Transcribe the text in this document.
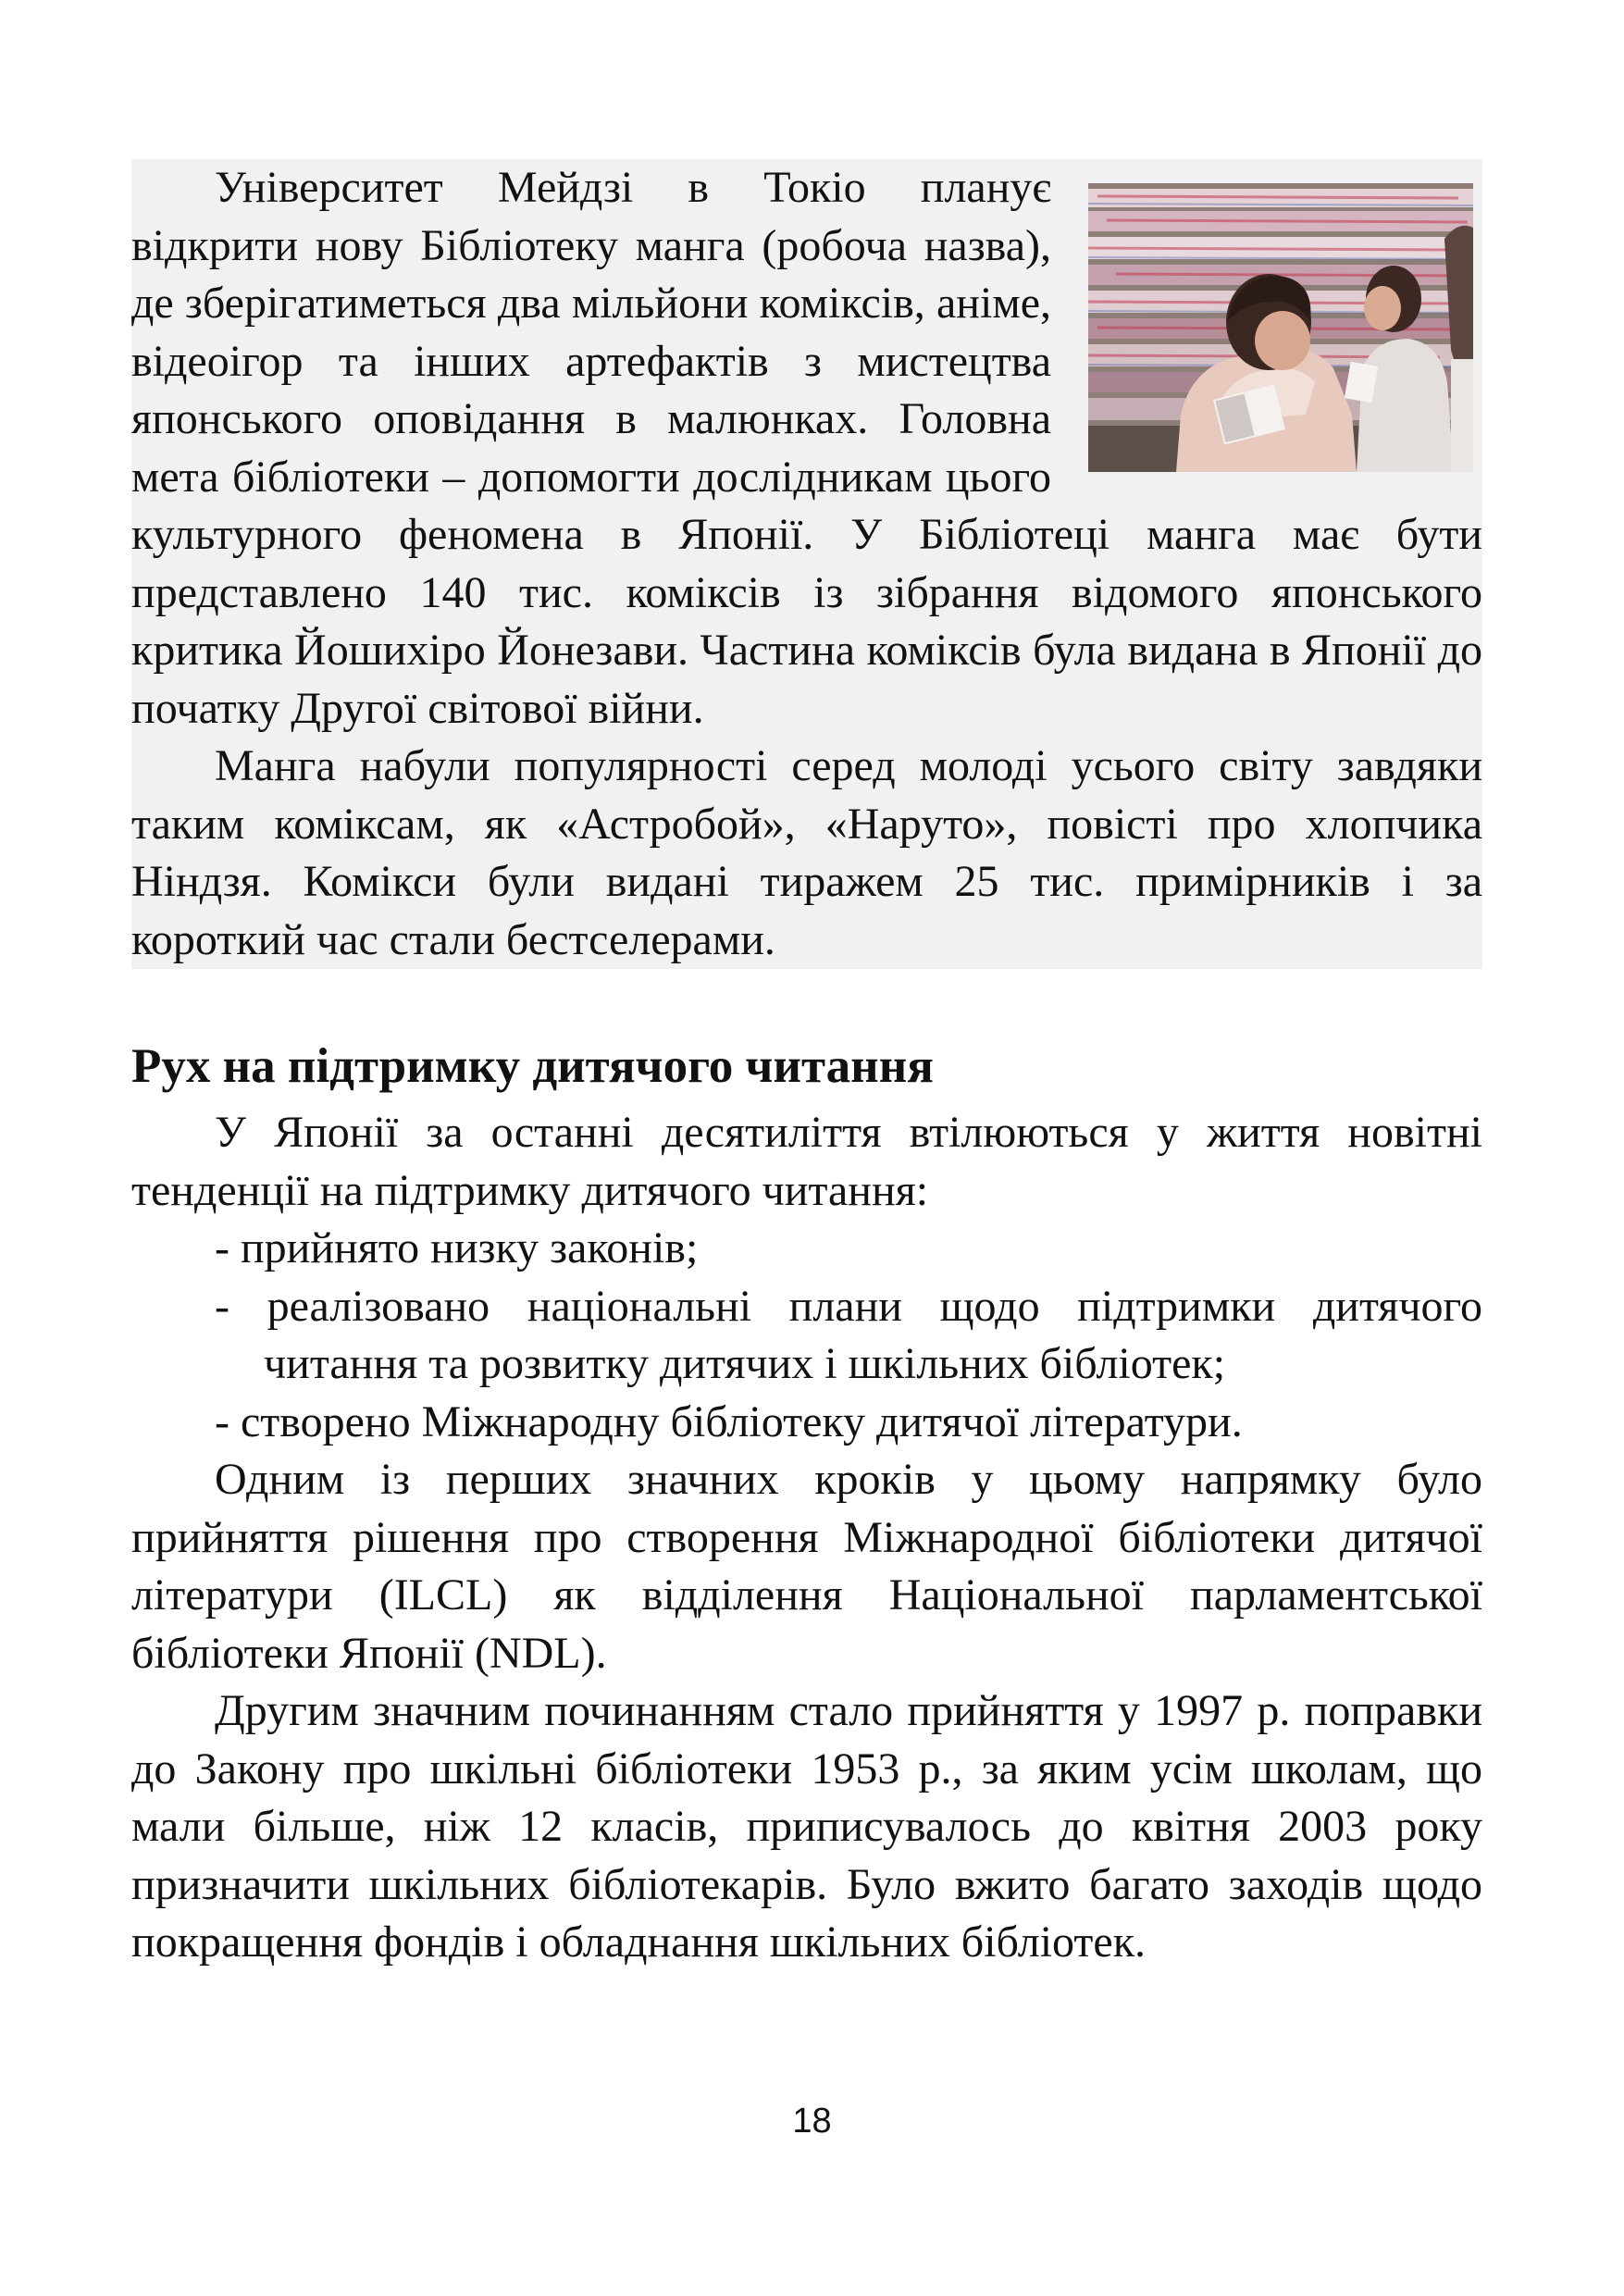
Університет Мейдзі в Токіо планує відкрити нову Бібліотеку манга (робоча назва), де зберігатиметься два мільйони коміксів, аніме, відеоігор та інших артефактів з мистецтва японського оповідання в малюнках. Головна мета бібліотеки – допомогти дослідникам цього культурного феномена в Японії. У Бібліотеці манга має бути представлено 140 тис. коміксів із зібрання відомого японського критика Йошихіро Йонезави. Частина коміксів була видана в Японії до початку Другої світової війни.

Манга набули популярності серед молоді усього світу завдяки таким коміксам, як «Астробой», «Наруто», повісті про хлопчика Ніндзя. Комікси були видані тиражем 25 тис. примірників і за короткий час стали бестселерами.

Рух на підтримку дитячого читання

У Японії за останні десятиліття втілюються у життя новітні тенденції на підтримку дитячого читання:

- прийнято низку законів;
- реалізовано національні плани щодо підтримки дитячого читання та розвитку дитячих і шкільних бібліотек;
- створено Міжнародну бібліотеку дитячої літератури.

Одним із перших значних кроків у цьому напрямку було прийняття рішення про створення Міжнародної бібліотеки дитячої літератури (ILCL) як відділення Національної парламентської бібліотеки Японії (NDL).

Другим значним починанням стало прийняття у 1997 р. поправки до Закону про шкільні бібліотеки 1953 р., за яким усім школам, що мали більше, ніж 12 класів, приписувалось до квітня 2003 року призначити шкільних бібліотекарів. Було вжито багато заходів щодо покращення фондів і обладнання шкільних бібліотек.

18
